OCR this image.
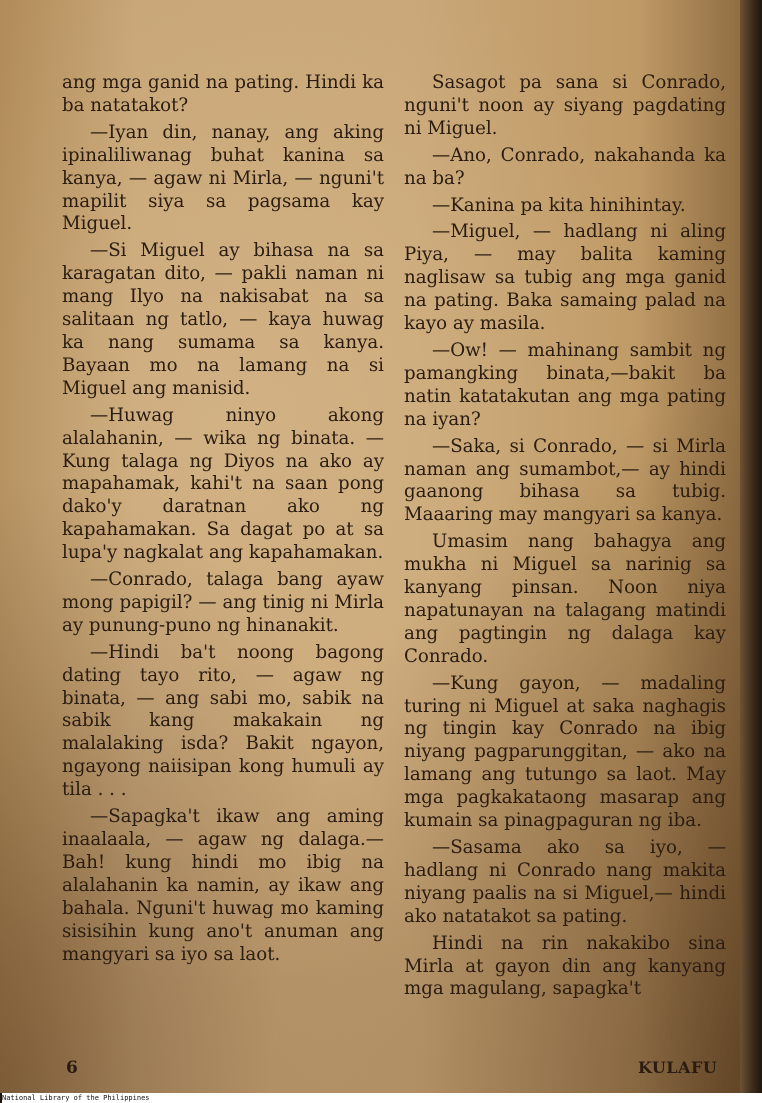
ang mga ganid na pating. Hindi ka ba natatakot?

—Iyan din, nanay, ang aking ipinaliliwanag buhat kanina sa kanya, — agaw ni Mirla, — nguni't mapilit siya sa pagsama kay Miguel.

—Si Miguel ay bihasa na sa karagatan dito, — pakli naman ni mang Ilyo na nakisabat na sa salitaan ng tatlo, — kaya huwag ka nang sumama sa kanya. Bayaan mo na lamang na si Miguel ang manisid.

—Huwag ninyo akong alalahanin, — wika ng binata. — Kung talaga ng Diyos na ako ay mapahamak, kahi't na saan pong dako'y daratnan ako ng kapahamakan. Sa dagat po at sa lupa'y nagkalat ang kapahamakan.

—Conrado, talaga bang ayaw mong papigil? — ang tinig ni Mirla ay punung-puno ng hinanakit.

—Hindi ba't noong bagong dating tayo rito, — agaw ng binata, — ang sabi mo, sabik na sabik kang makakain ng malalaking isda? Bakit ngayon, ngayong naiisipan kong humuli ay tila . . .

—Sapagka't ikaw ang aming inaalaala, — agaw ng dalaga.—Bah! kung hindi mo ibig na alalahanin ka namin, ay ikaw ang bahala. Nguni't huwag mo kaming sisisihin kung ano't anuman ang mangyari sa iyo sa laot.

Sasagot pa sana si Conrado, nguni't noon ay siyang pagdating ni Miguel.

—Ano, Conrado, nakahanda ka na ba?

—Kanina pa kita hinihintay.

—Miguel, — hadlang ni aling Piya, — may balita kaming naglisaw sa tubig ang mga ganid na pating. Baka samaing palad na kayo ay masila.

—Ow! — mahinang sambit ng pamangking binata,—bakit ba natin katatakutan ang mga pating na iyan?

—Saka, si Conrado, — si Mirla naman ang sumambot,— ay hindi gaanong bihasa sa tubig. Maaaring may mangyari sa kanya.

Umasim nang bahagya ang mukha ni Miguel sa narinig sa kanyang pinsan. Noon niya napatunayan na talagang matindi ang pagtingin ng dalaga kay Conrado.

—Kung gayon, — madaling turing ni Miguel at saka naghagis ng tingin kay Conrado na ibig niyang pagparunggitan, — ako na lamang ang tutungo sa laot. May mga pagkakataong masarap ang kumain sa pinagpaguran ng iba.

—Sasama ako sa iyo, — hadlang ni Conrado nang makita niyang paalis na si Miguel,— hindi ako natatakot sa pating.

Hindi na rin nakakibo sina Mirla at gayon din ang kanyang mga magulang, sapagka't

6	KULAFU
National Library of the Philippines
